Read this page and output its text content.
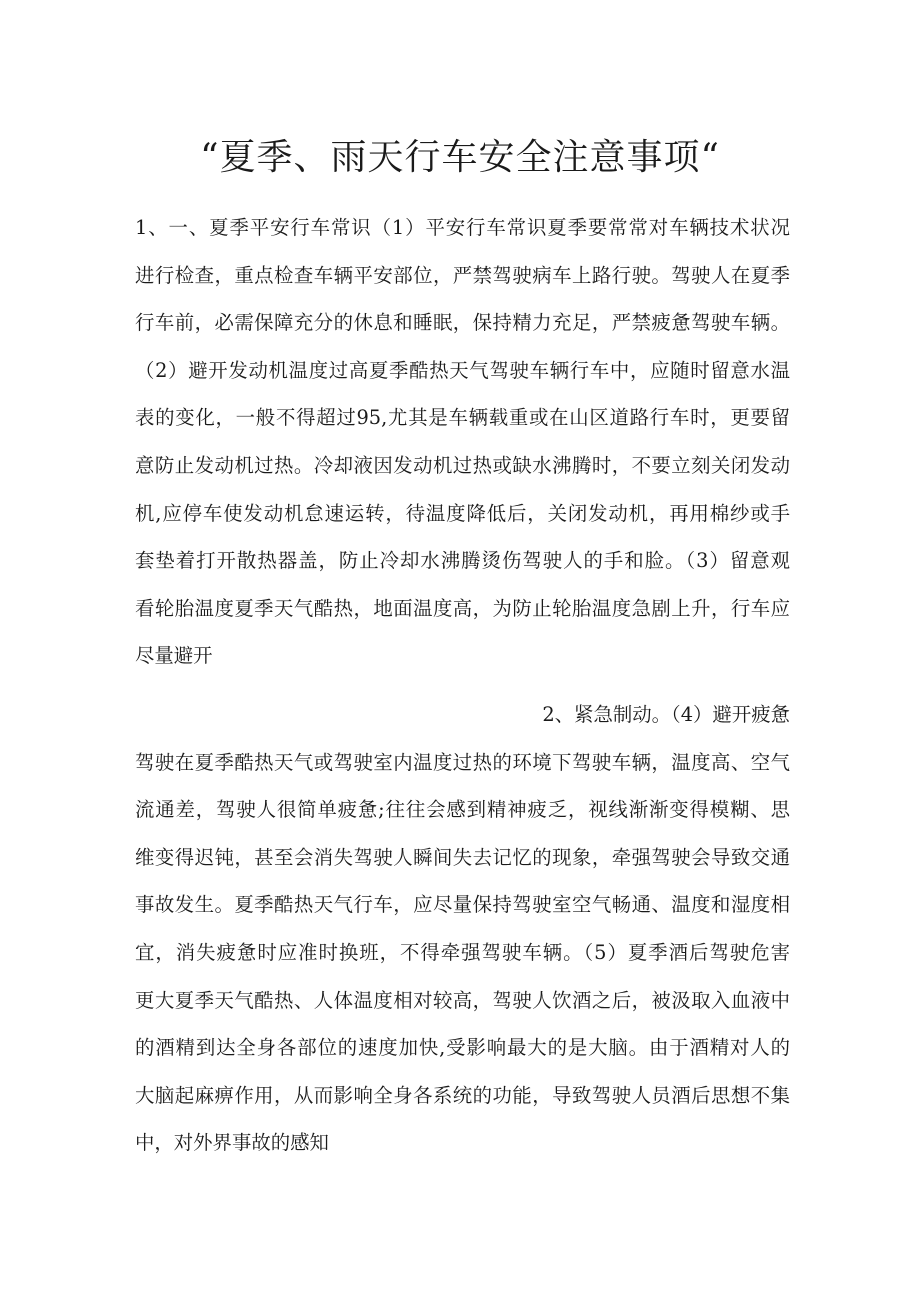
“夏季、雨天行车安全注意事项“
1、一、夏季平安行车常识（1）平安行车常识夏季要常常对车辆技术状况
进行检查，重点检查车辆平安部位，严禁驾驶病车上路行驶。驾驶人在夏季
行车前，必需保障充分的休息和睡眠，保持精力充足，严禁疲惫驾驶车辆。
（2）避开发动机温度过高夏季酷热天气驾驶车辆行车中，应随时留意水温
表的变化，一般不得超过95,尤其是车辆载重或在山区道路行车时，更要留
意防止发动机过热。冷却液因发动机过热或缺水沸腾时，不要立刻关闭发动
机,应停车使发动机怠速运转，待温度降低后，关闭发动机，再用棉纱或手
套垫着打开散热器盖，防止冷却水沸腾烫伤驾驶人的手和脸。（3）留意观
看轮胎温度夏季天气酷热，地面温度高，为防止轮胎温度急剧上升，行车应
尽量避开
2、紧急制动。（4）避开疲惫
驾驶在夏季酷热天气或驾驶室内温度过热的环境下驾驶车辆，温度高、空气
流通差，驾驶人很简单疲惫;往往会感到精神疲乏，视线渐渐变得模糊、思
维变得迟钝，甚至会消失驾驶人瞬间失去记忆的现象，牵强驾驶会导致交通
事故发生。夏季酷热天气行车，应尽量保持驾驶室空气畅通、温度和湿度相
宜，消失疲惫时应准时换班，不得牵强驾驶车辆。（5）夏季酒后驾驶危害
更大夏季天气酷热、人体温度相对较高，驾驶人饮酒之后，被汲取入血液中
的酒精到达全身各部位的速度加快,受影响最大的是大脑。由于酒精对人的
大脑起麻痹作用，从而影响全身各系统的功能，导致驾驶人员酒后思想不集
中，对外界事故的感知
